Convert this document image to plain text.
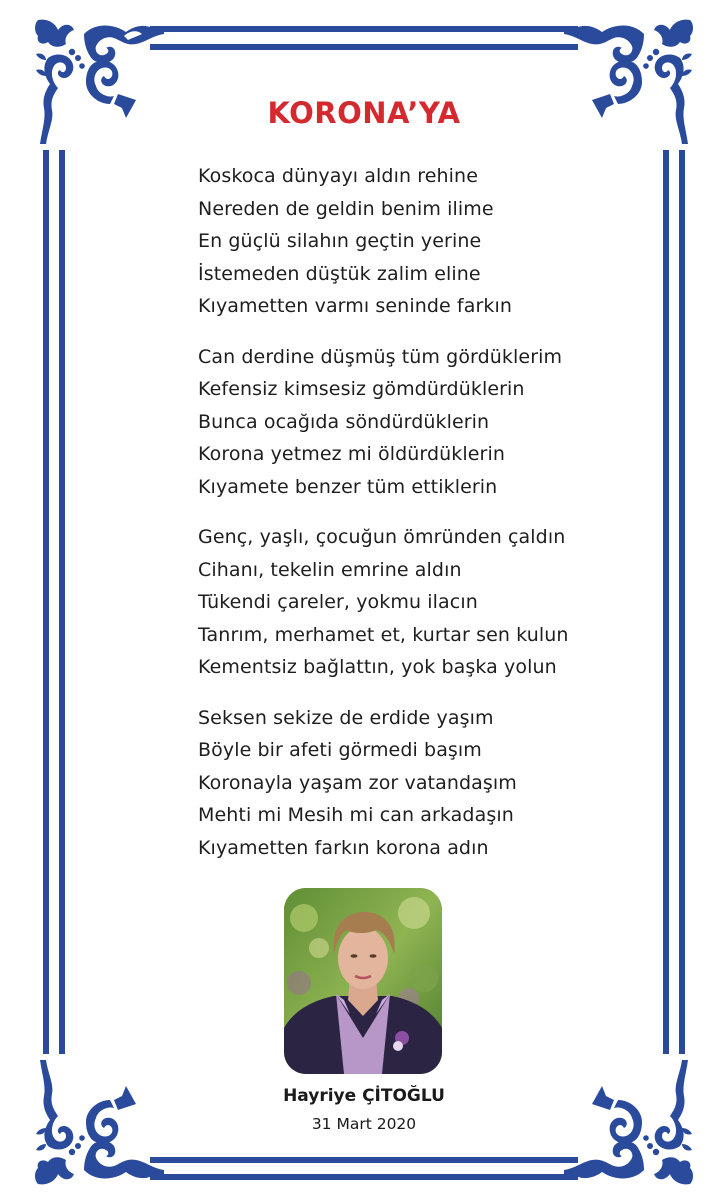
KORONA’YA
Koskoca dünyayı aldın rehine
Nereden de geldin benim ilime
En güçlü silahın geçtin yerine
İstemeden düştük zalim eline
Kıyametten varmı seninde farkın
Can derdine düşmüş tüm gördüklerim
Kefensiz kimsesiz gömdürdüklerin
Bunca ocağıda söndürdüklerin
Korona yetmez mi öldürdüklerin
Kıyamete benzer tüm ettiklerin
Genç, yaşlı, çocuğun ömründen çaldın
Cihanı, tekelin emrine aldın
Tükendi çareler, yokmu ilacın
Tanrım, merhamet et, kurtar sen kulun
Kementsiz bağlattın, yok başka yolun
Seksen sekize de erdide yaşım
Böyle bir afeti görmedi başım
Koronayla yaşam zor vatandaşım
Mehti mi Mesih mi can arkadaşın
Kıyametten farkın korona adın
Hayriye ÇİTOĞLU
31 Mart 2020
